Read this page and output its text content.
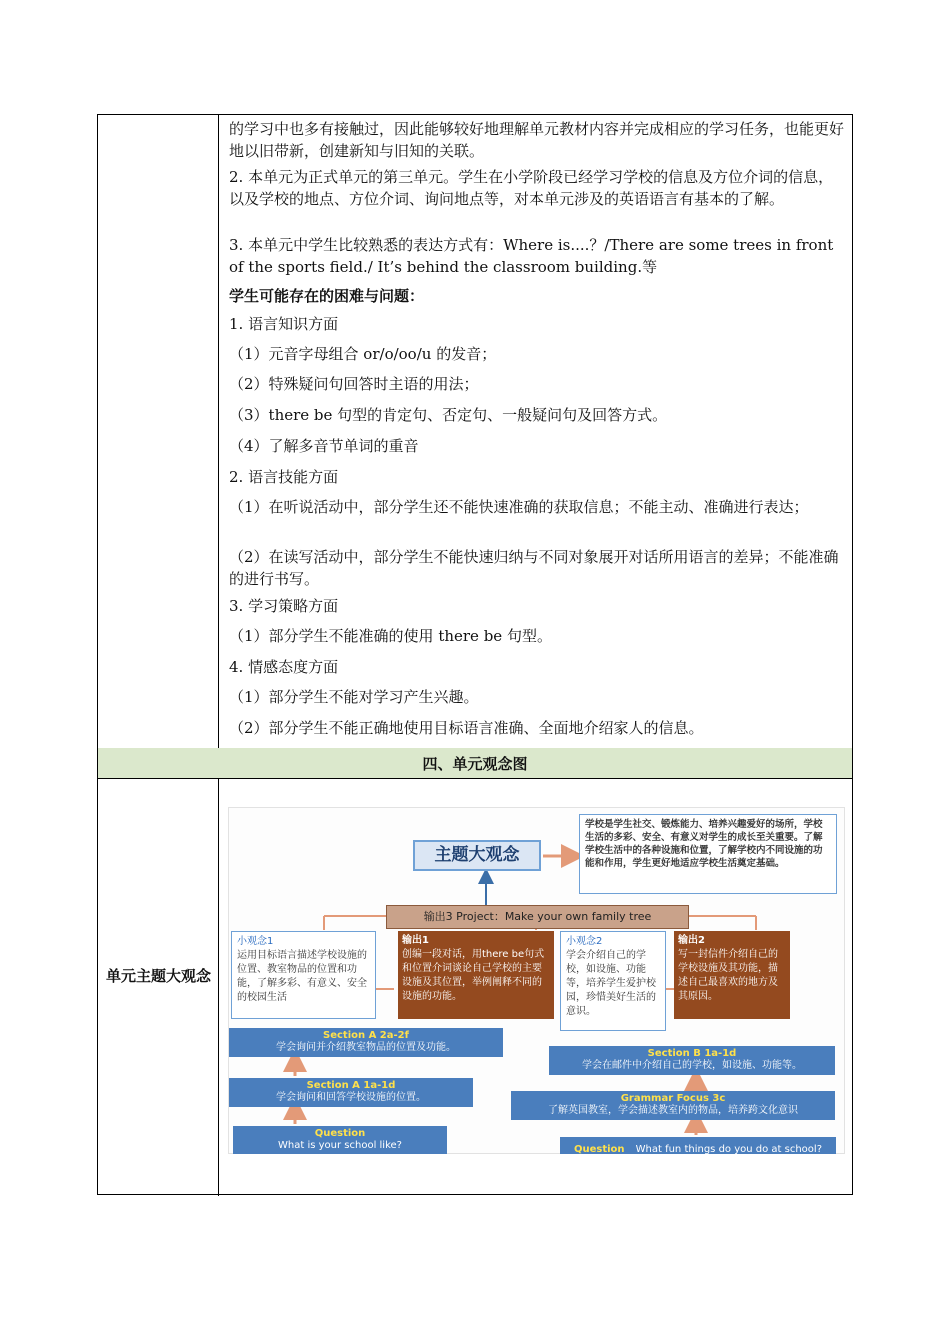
的学习中也多有接触过，因此能够较好地理解单元教材内容并完成相应的学习任务，也能更好地以旧带新，创建新知与旧知的关联。
2. 本单元为正式单元的第三单元。学生在小学阶段已经学习学校的信息及方位介词的信息，以及学校的地点、方位介词、询问地点等，对本单元涉及的英语语言有基本的了解。
3. 本单元中学生比较熟悉的表达方式有：Where is....？/There are some trees in front of the sports field./ It’s behind the classroom building.等
学生可能存在的困难与问题：
1. 语言知识方面
（1）元音字母组合 or/o/oo/u 的发音；
（2）特殊疑问句回答时主语的用法；
（3）there be 句型的肯定句、否定句、一般疑问句及回答方式。
（4）了解多音节单词的重音
2. 语言技能方面
（1）在听说活动中，部分学生还不能快速准确的获取信息；不能主动、准确进行表达；
（2）在读写活动中，部分学生不能快速归纳与不同对象展开对话所用语言的差异；不能准确的进行书写。
3. 学习策略方面
（1）部分学生不能准确的使用 there be 句型。
4. 情感态度方面
（1）部分学生不能对学习产生兴趣。
（2）部分学生不能正确地使用目标语言准确、全面地介绍家人的信息。
四、单元观念图
单元主题大观念
主题大观念
学校是学生社交、锻炼能力、培养兴趣爱好的场所，学校生活的多彩、安全、有意义对学生的成长至关重要。了解学校生活中的各种设施和位置，了解学校内不同设施的功能和作用，学生更好地适应学校生活奠定基础。
输出3 Project：Make your own family tree
小观念1
运用目标语言描述学校设施的位置、教室物品的位置和功能，了解多彩、有意义、安全的校园生活
输出1
创编一段对话，用there be句式和位置介词谈论自己学校的主要设施及其位置，举例阐释不同的设施的功能。
小观念2
学会介绍自己的学校，如设施、功能等，培养学生爱护校园，珍惜美好生活的意识。
输出2
写一封信件介绍自己的学校设施及其功能，描述自己最喜欢的地方及其原因。
Section A 2a-2f
学会询问并介绍教室物品的位置及功能。
Section A 1a-1d
学会询问和回答学校设施的位置。
Question
What is your school like?
Section B 1a-1d
学会在邮件中介绍自己的学校，如设施、功能等。
Grammar Focus 3c
了解英国教室，学会描述教室内的物品，培养跨文化意识
Question What fun things do you do at school?
